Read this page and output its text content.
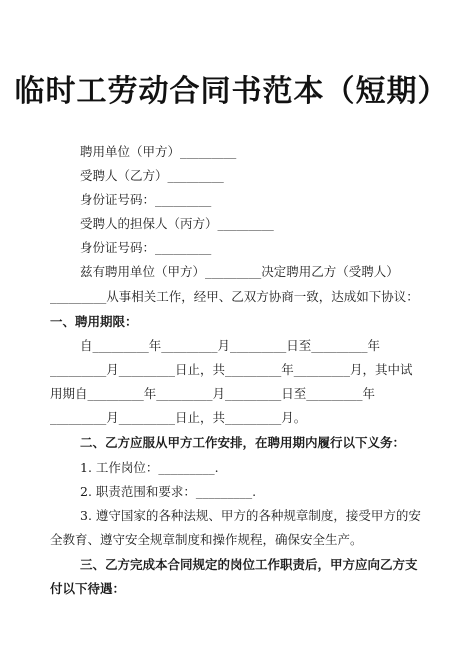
临时工劳动合同书范本（短期）
聘用单位（甲方）_________
受聘人（乙方）_________
身份证号码：_________
受聘人的担保人（丙方）_________
身份证号码：_________
兹有聘用单位（甲方）_________决定聘用乙方（受聘人）
_________从事相关工作，经甲、乙双方协商一致，达成如下协议：
一、聘用期限：
自_________年_________月_________日至_________年
_________月_________日止，共_________年_________月，其中试
用期自_________年_________月_________日至_________年
_________月_________日止，共_________月。
二、乙方应服从甲方工作安排，在聘用期内履行以下义务：
1. 工作岗位：_________.
2. 职责范围和要求：_________.
3. 遵守国家的各种法规、甲方的各种规章制度，接受甲方的安
全教育、遵守安全规章制度和操作规程，确保安全生产。
三、乙方完成本合同规定的岗位工作职责后，甲方应向乙方支
付以下待遇：
